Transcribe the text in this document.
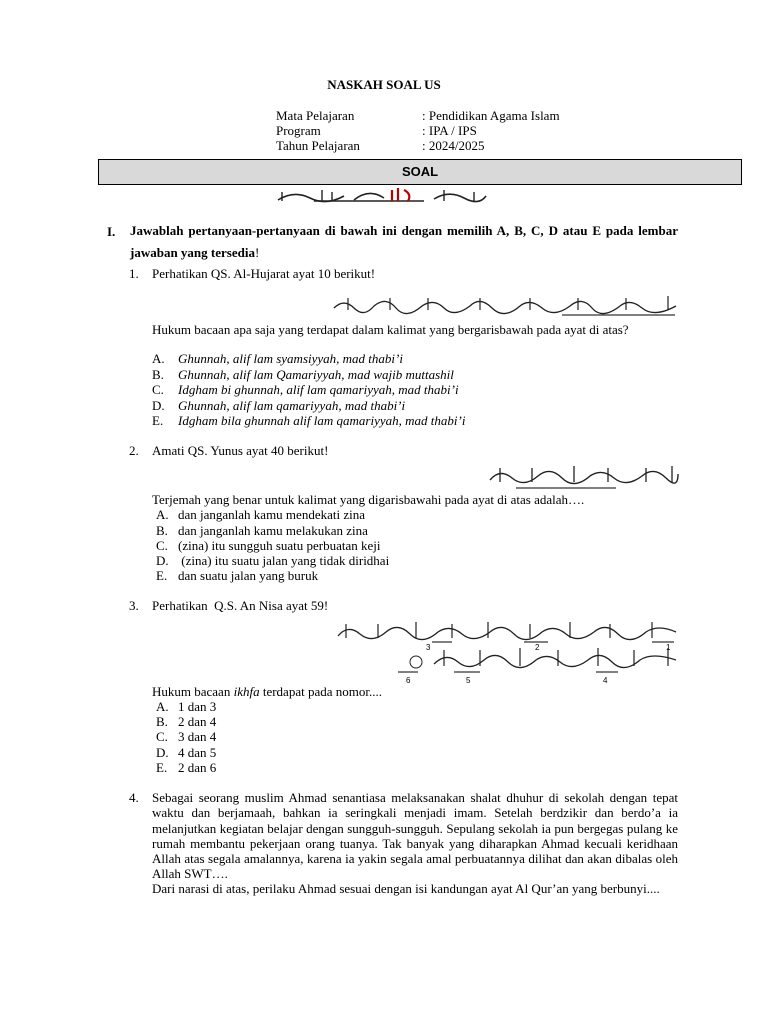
NASKAH SOAL US
Mata Pelajaran	: Pendidikan Agama Islam
Program	: IPA / IPS
Tahun Pelajaran	: 2024/2025
SOAL
I. Jawablah pertanyaan-pertanyaan di bawah ini dengan memilih A, B, C, D atau E pada lembar jawaban yang tersedia!
1. Perhatikan QS. Al-Hujarat ayat 10 berikut!
Hukum bacaan apa saja yang terdapat dalam kalimat yang bergarisbawah pada ayat di atas?
A. Ghunnah, alif lam syamsiyyah, mad thabi’i
B. Ghunnah, alif lam Qamariyyah, mad wajib muttashil
C. Idgham bi ghunnah, alif lam qamariyyah, mad thabi’i
D. Ghunnah, alif lam qamariyyah, mad thabi’i
E. Idgham bila ghunnah alif lam qamariyyah, mad thabi’i
2. Amati QS. Yunus ayat 40 berikut!
Terjemah yang benar untuk kalimat yang digarisbawahi pada ayat di atas adalah….
A. dan janganlah kamu mendekati zina
B. dan janganlah kamu melakukan zina
C. (zina) itu sungguh suatu perbuatan keji
D. (zina) itu suatu jalan yang tidak diridhai
E. dan suatu jalan yang buruk
3. Perhatikan  Q.S. An Nisa ayat 59!
1
2
3
4
5
6
Hukum bacaan ikhfa terdapat pada nomor....
A. 1 dan 3
B. 2 dan 4
C. 3 dan 4
D. 4 dan 5
E. 2 dan 6
4. Sebagai seorang muslim Ahmad senantiasa melaksanakan shalat dhuhur di sekolah dengan tepat waktu dan berjamaah, bahkan ia seringkali menjadi imam. Setelah berdzikir dan berdo’a ia melanjutkan kegiatan belajar dengan sungguh-sungguh. Sepulang sekolah ia pun bergegas pulang ke rumah membantu pekerjaan orang tuanya. Tak banyak yang diharapkan Ahmad kecuali keridhaan Allah atas segala amalannya, karena ia yakin segala amal perbuatannya dilihat dan akan dibalas oleh Allah SWT….
Dari narasi di atas, perilaku Ahmad sesuai dengan isi kandungan ayat Al Qur’an yang berbunyi....
